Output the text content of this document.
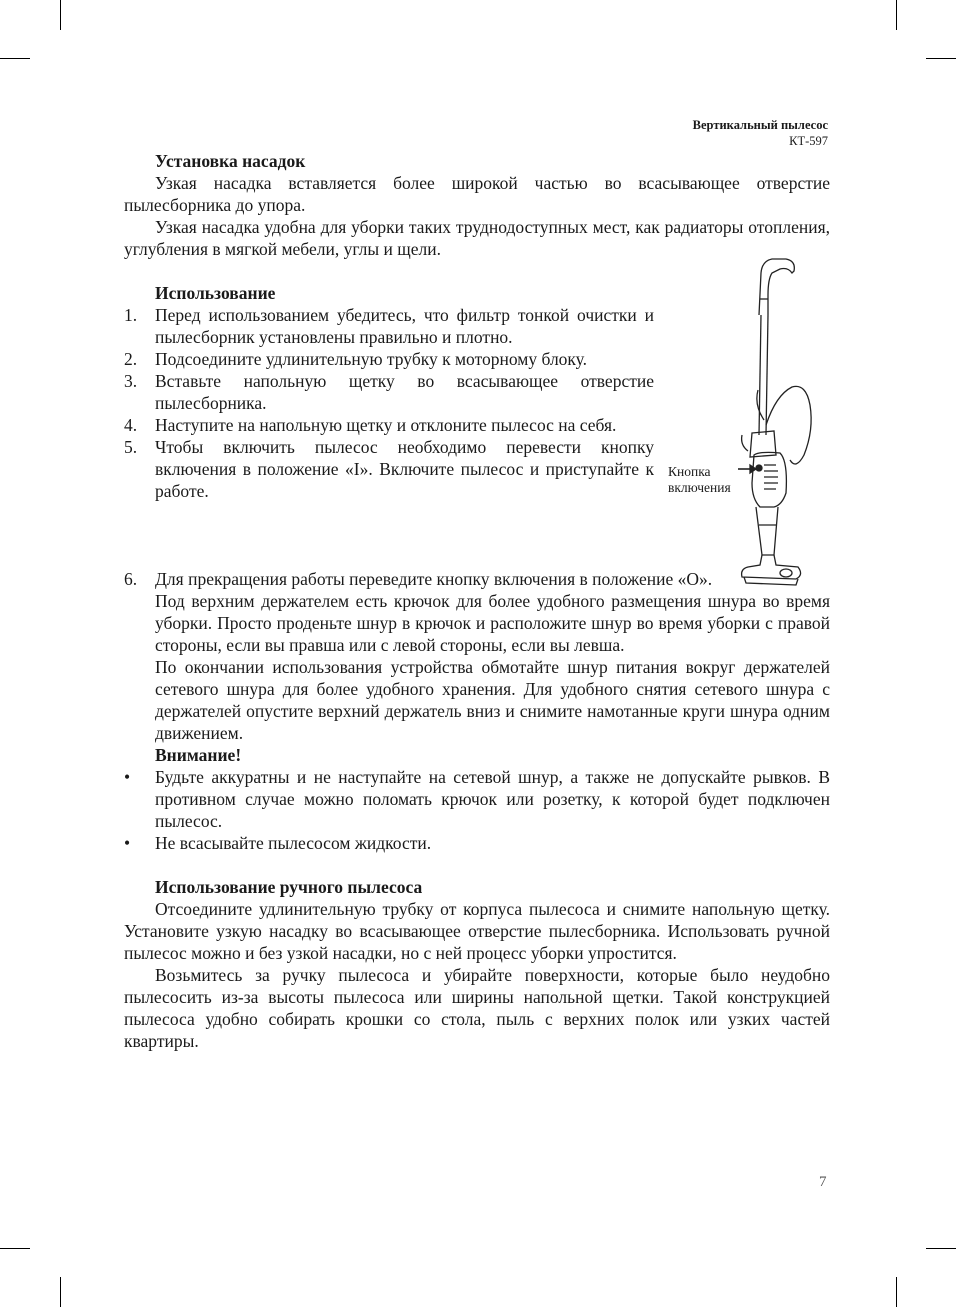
Вертикальный пылесос
КТ-597
Установка насадок
Узкая насадка вставляется более широкой частью во всасывающее отверстие пылесборника до упора.
Узкая насадка удобна для уборки таких труднодоступных мест, как радиаторы отопления, углубления в мягкой мебели, углы и щели.
Использование
1.	Перед использованием убедитесь, что фильтр тонкой очистки и пылесборник установлены правильно и плотно.
2.	Подсоедините удлинительную трубку к моторному блоку.
3.	Вставьте напольную щетку во всасывающее отверстие пылесборника.
4.	Наступите на напольную щетку и отклоните пылесос на себя.
5.	Чтобы включить пылесос необходимо перевести кнопку включения в положение «I». Включите пылесос и приступайте к работе.
6.	Для прекращения работы переведите кнопку включения в положение «О».
Под верхним держателем есть крючок для более удобного размещения шнура во время уборки. Просто проденьте шнур в крючок и расположите шнур во время уборки с правой стороны, если вы правша или с левой стороны, если вы левша.
По окончании использования устройства обмотайте шнур питания вокруг держателей сетевого шнура для более удобного хранения. Для удобного снятия сетевого шнура с держателей опустите верхний держатель вниз и снимите намотанные круги шнура одним движением.
Внимание!
•	Будьте аккуратны и не наступайте на сетевой шнур, а также не допускайте рывков. В противном случае можно поломать крючок или розетку, к которой будет подключен пылесос.
•	Не всасывайте пылесосом жидкости.
Использование ручного пылесоса
Отсоедините удлинительную трубку от корпуса пылесоса и снимите напольную щетку. Установите узкую насадку во всасывающее отверстие пылесборника. Использовать ручной пылесос можно и без узкой насадки, но с ней процесс уборки упростится.
Возьмитесь за ручку пылесоса и убирайте поверхности, которые было неудобно пылесосить из-за высоты пылесоса или ширины напольной щетки. Такой конструкцией пылесоса удобно собирать крошки со стола, пыль с верхних полок или узких частей квартиры.
Кнопка
включения
7
